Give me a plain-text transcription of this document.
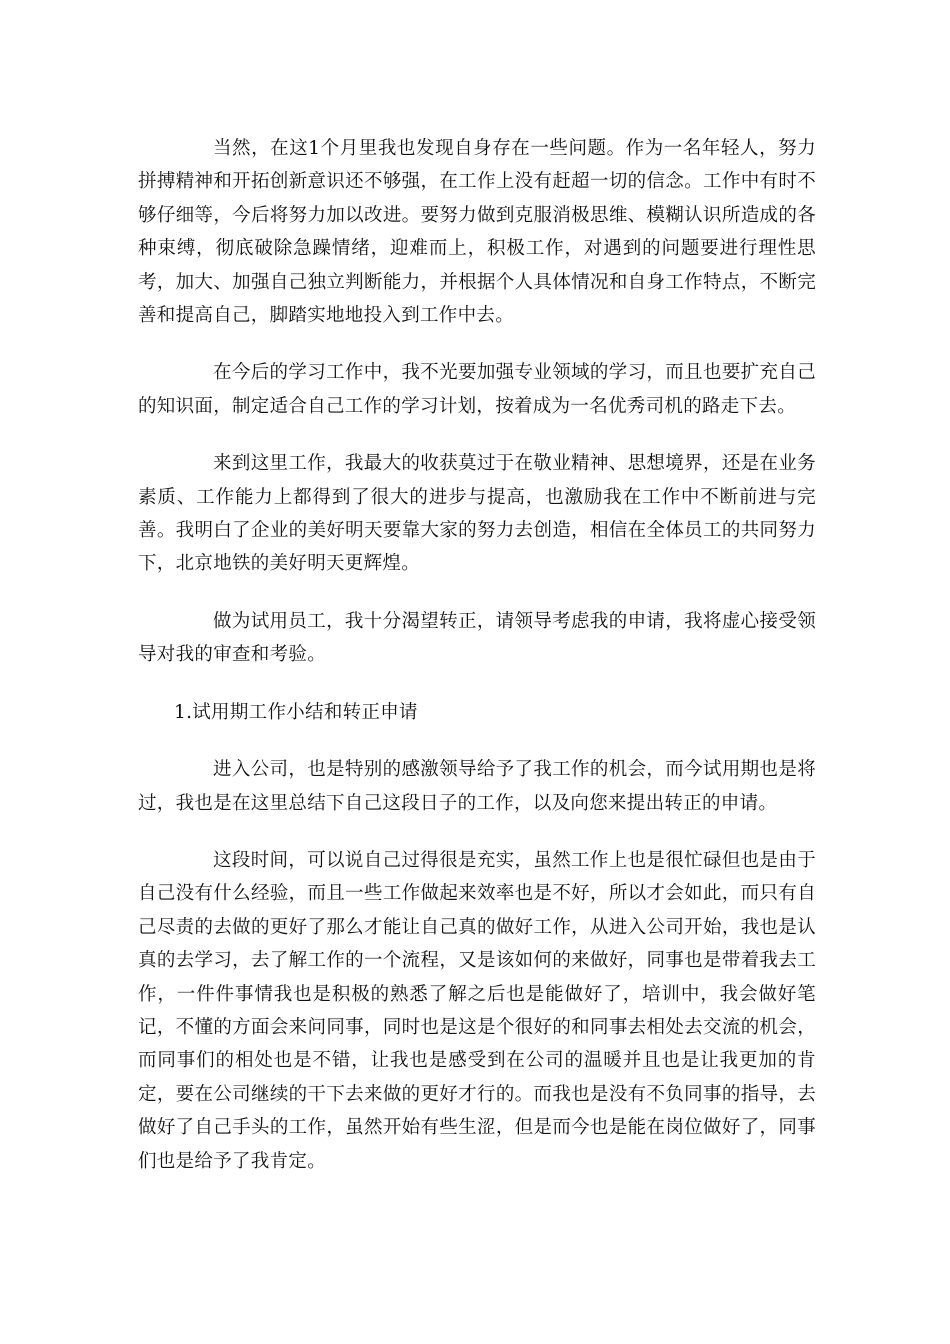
当然，在这1个月里我也发现自身存在一些问题。作为一名年轻人，努力拼搏精神和开拓创新意识还不够强，在工作上没有赶超一切的信念。工作中有时不够仔细等，今后将努力加以改进。要努力做到克服消极思维、模糊认识所造成的各种束缚，彻底破除急躁情绪，迎难而上，积极工作，对遇到的问题要进行理性思考，加大、加强自己独立判断能力，并根据个人具体情况和自身工作特点，不断完善和提高自己，脚踏实地地投入到工作中去。

在今后的学习工作中，我不光要加强专业领域的学习，而且也要扩充自己的知识面，制定适合自己工作的学习计划，按着成为一名优秀司机的路走下去。

来到这里工作，我最大的收获莫过于在敬业精神、思想境界，还是在业务素质、工作能力上都得到了很大的进步与提高，也激励我在工作中不断前进与完善。我明白了企业的美好明天要靠大家的努力去创造，相信在全体员工的共同努力下，北京地铁的美好明天更辉煌。

做为试用员工，我十分渴望转正，请领导考虑我的申请，我将虚心接受领导对我的审查和考验。

1.试用期工作小结和转正申请

进入公司，也是特别的感激领导给予了我工作的机会，而今试用期也是将过，我也是在这里总结下自己这段日子的工作，以及向您来提出转正的申请。

这段时间，可以说自己过得很是充实，虽然工作上也是很忙碌但也是由于自己没有什么经验，而且一些工作做起来效率也是不好，所以才会如此，而只有自己尽责的去做的更好了那么才能让自己真的做好工作，从进入公司开始，我也是认真的去学习，去了解工作的一个流程，又是该如何的来做好，同事也是带着我去工作，一件件事情我也是积极的熟悉了解之后也是能做好了，培训中，我会做好笔记，不懂的方面会来问同事，同时也是这是个很好的和同事去相处去交流的机会，而同事们的相处也是不错，让我也是感受到在公司的温暖并且也是让我更加的肯定，要在公司继续的干下去来做的更好才行的。而我也是没有不负同事的指导，去做好了自己手头的工作，虽然开始有些生涩，但是而今也是能在岗位做好了，同事们也是给予了我肯定。
